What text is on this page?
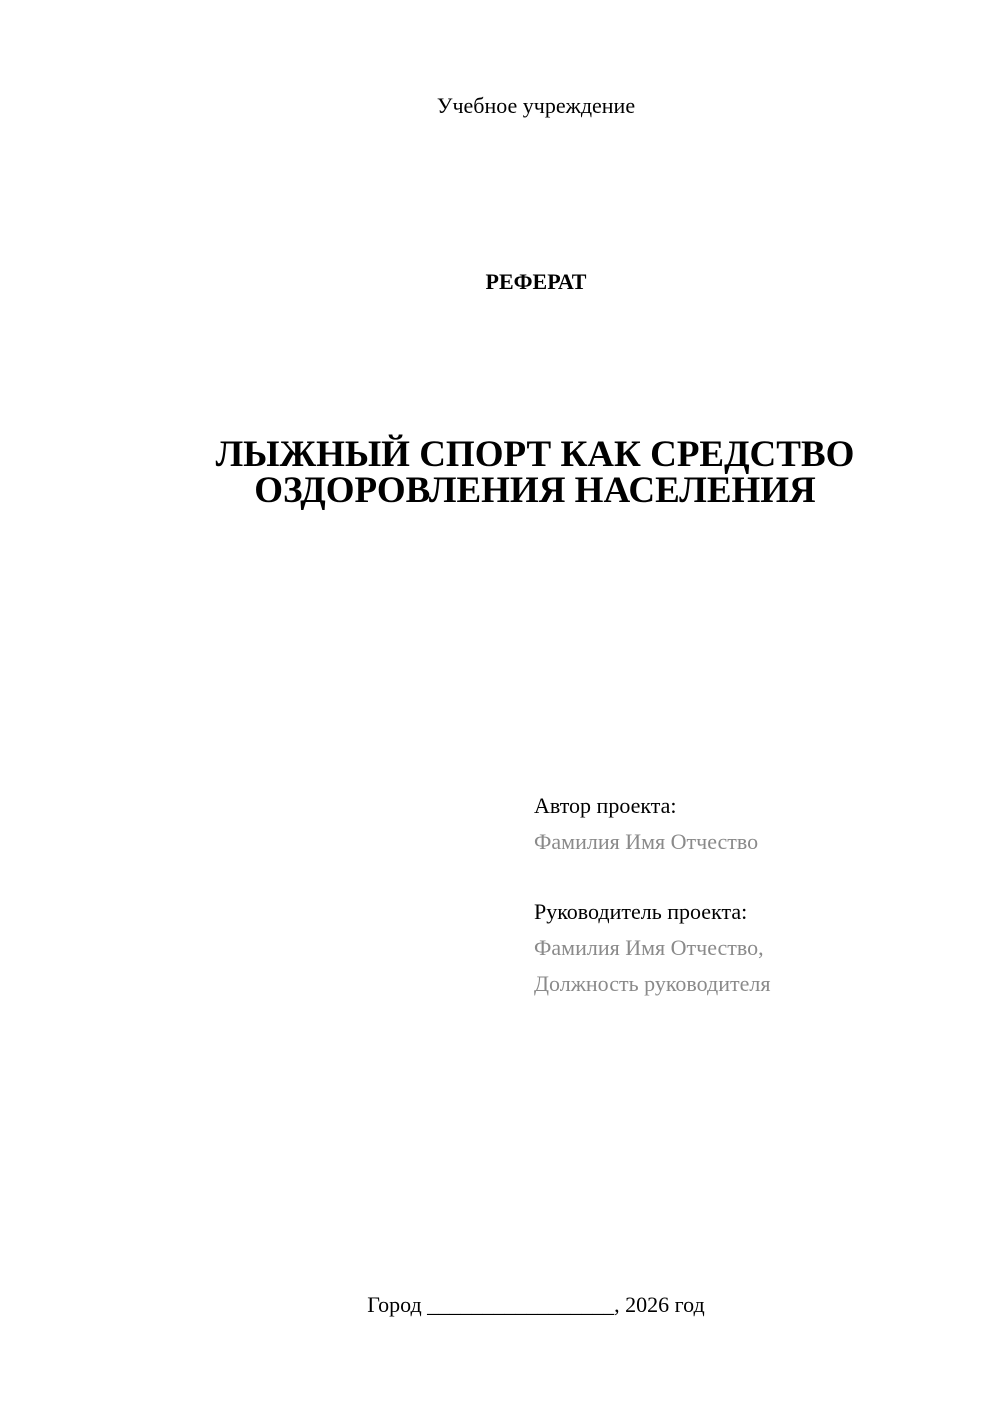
Учебное учреждение
РЕФЕРАТ
ЛЫЖНЫЙ СПОРТ КАК СРЕДСТВО
ОЗДОРОВЛЕНИЯ НАСЕЛЕНИЯ
Автор проекта:
Фамилия Имя Отчество
Руководитель проекта:
Фамилия Имя Отчество,
Должность руководителя
Город _________________, 2026 год
